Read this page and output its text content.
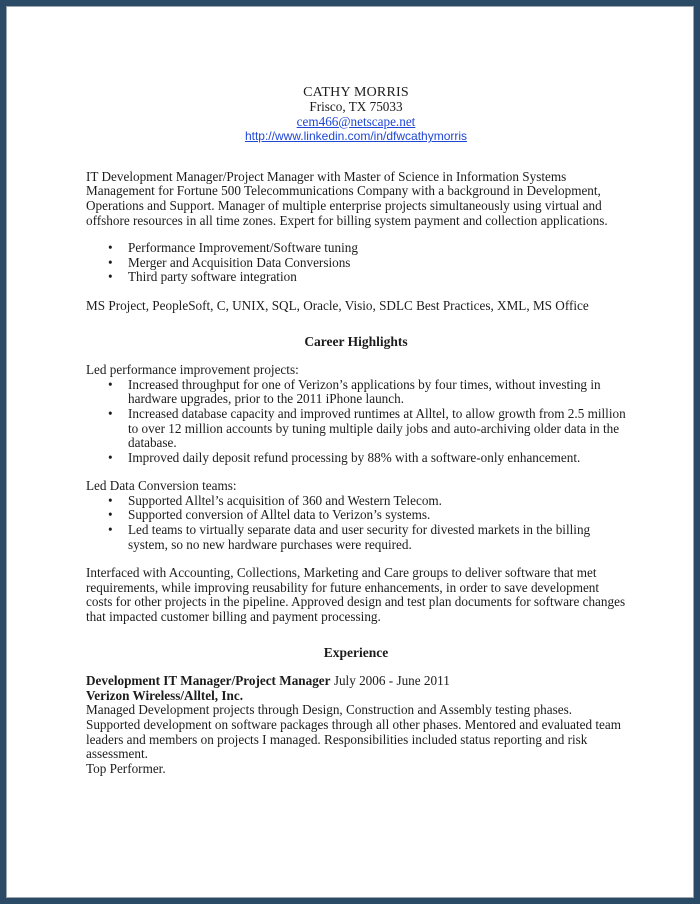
CATHY MORRIS
Frisco, TX 75033
cem466@netscape.net
http://www.linkedin.com/in/dfwcathymorris

IT Development Manager/Project Manager with Master of Science in Information Systems Management for Fortune 500 Telecommunications Company with a background in Development, Operations and Support. Manager of multiple enterprise projects simultaneously using virtual and offshore resources in all time zones. Expert for billing system payment and collection applications.

• Performance Improvement/Software tuning
• Merger and Acquisition Data Conversions
• Third party software integration

MS Project, PeopleSoft, C, UNIX, SQL, Oracle, Visio, SDLC Best Practices, XML, MS Office

Career Highlights
Led performance improvement projects:
• Increased throughput for one of Verizon’s applications by four times, without investing in hardware upgrades, prior to the 2011 iPhone launch.
• Increased database capacity and improved runtimes at Alltel, to allow growth from 2.5 million to over 12 million accounts by tuning multiple daily jobs and auto-archiving older data in the database.
• Improved daily deposit refund processing by 88% with a software-only enhancement.
Led Data Conversion teams:
• Supported Alltel’s acquisition of 360 and Western Telecom.
• Supported conversion of Alltel data to Verizon’s systems.
• Led teams to virtually separate data and user security for divested markets in the billing system, so no new hardware purchases were required.

Interfaced with Accounting, Collections, Marketing and Care groups to deliver software that met requirements, while improving reusability for future enhancements, in order to save development costs for other projects in the pipeline. Approved design and test plan documents for software changes that impacted customer billing and payment processing.

Experience
Development IT Manager/Project Manager July 2006 - June 2011
Verizon Wireless/Alltel, Inc.

Managed Development projects through Design, Construction and Assembly testing phases. Supported development on software packages through all other phases. Mentored and evaluated team leaders and members on projects I managed. Responsibilities included status reporting and risk assessment.

Top Performer.
